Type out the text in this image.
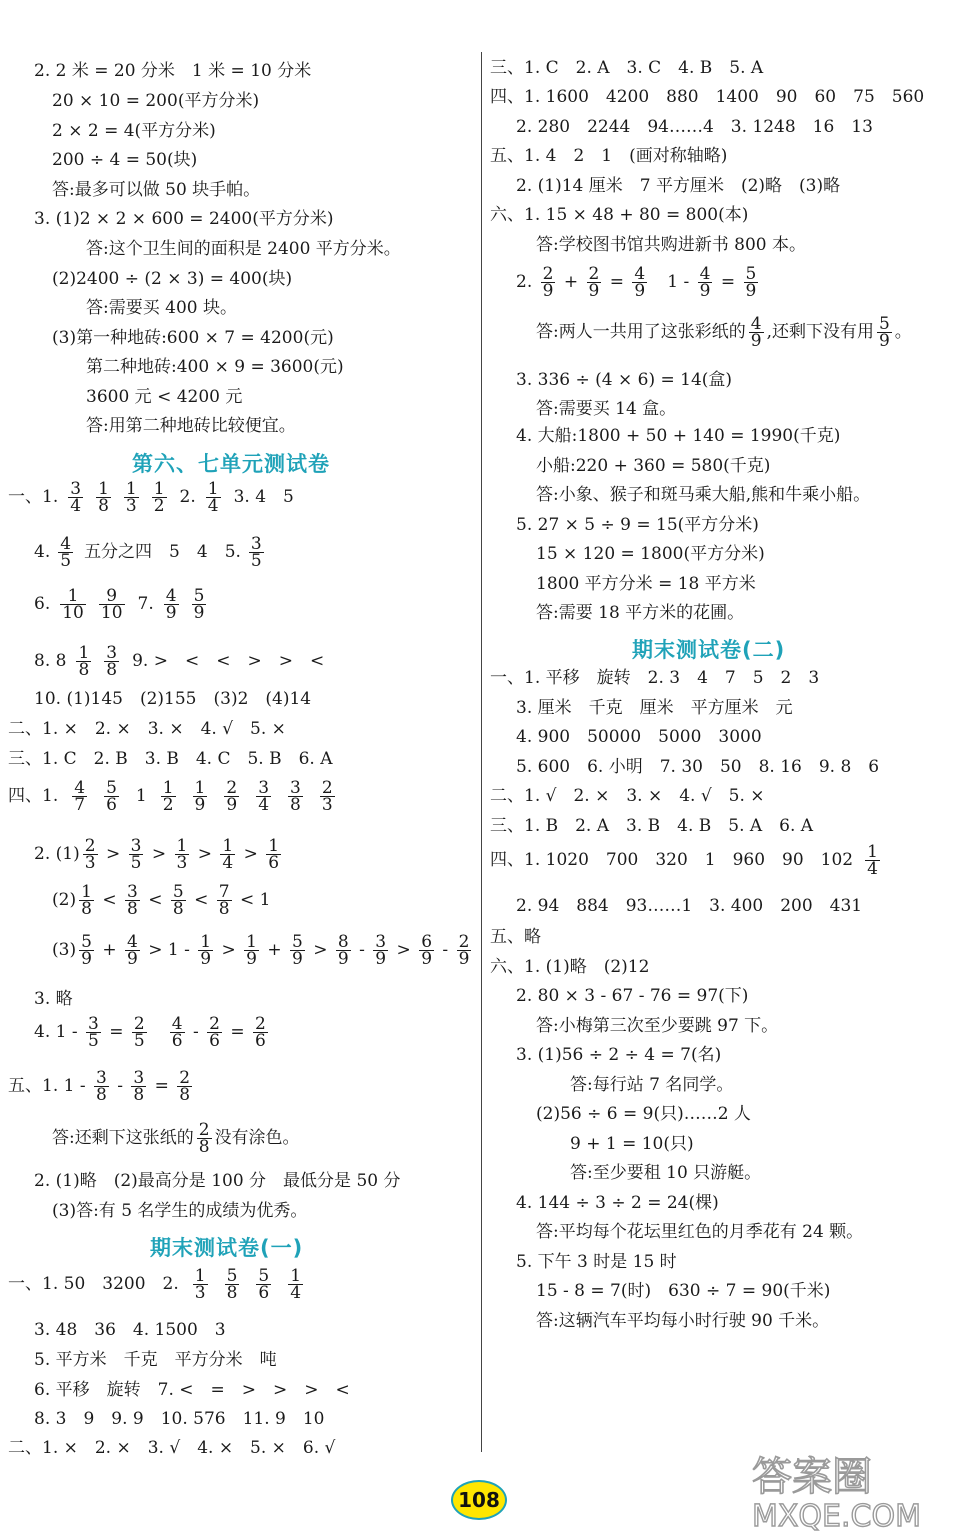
2. 2 米 = 20 分米　1 米 = 10 分米
20 × 10 = 200(平方分米)
2 × 2 = 4(平方分米)
200 ÷ 4 = 50(块)
答:最多可以做 50 块手帕。
3. (1)2 × 2 × 600 = 2400(平方分米)
答:这个卫生间的面积是 2400 平方分米。
(2)2400 ÷ (2 × 3) = 400(块)
答:需要买 400 块。
(3)第一种地砖:600 × 7 = 4200(元)
第二种地砖:400 × 9 = 3600(元)
3600 元 < 4200 元
答:用第二种地砖比较便宜。
第六、七单元测试卷
一、1. $\frac{3}{4} \frac{1}{8} \frac{1}{3} \frac{1}{2} 2$. $\frac{1}{4} 3$. 4　5
4. $\frac{4}{5}$ 五分之四　5　4　5. $\frac{3}{5}$
6. $\frac{1}{10} \frac{9}{10} 7$. $\frac{4}{9} \frac{5}{9}$
8. $8 \frac{1}{8} \frac{3}{8} 9$. >　<　<　>　>　<
10. (1)145　(2)155　(3)2　(4)14
二、1. ×　2. ×　3. ×　4. √　5. ×
三、1. C　2. B　3. B　4. C　5. B　6. A
四、1. $\frac{4}{7} \frac{5}{6} 1 \frac{1}{2} \frac{1}{9} \frac{2}{9} \frac{3}{4} \frac{3}{8} \frac{2}{3}$
2. $(1) \frac{2}{3} > \frac{3}{5} > \frac{1}{3} > \frac{1}{4} > \frac{1}{6}$
$(2) \frac{1}{8} < \frac{3}{8} < \frac{5}{8} < \frac{7}{8} < 1$
$(3) \frac{5}{9} + \frac{4}{9} > 1 - \frac{1}{9} > \frac{1}{9} + \frac{5}{9} > \frac{8}{9} - \frac{3}{9} > \frac{6}{9} - \frac{2}{9}$
3. 略
4. $1 - \frac{3}{5} = \frac{2}{5}$
　 $\frac{4}{6} - \frac{2}{6} = \frac{2}{6}$
五、1. $1 - \frac{3}{8} - \frac{3}{8} = \frac{2}{8}$
答:还剩下这张纸的 $\frac{2}{8}$ 没有涂色。
2. (1)略　(2)最高分是 100 分　最低分是 50 分
(3)答:有 5 名学生的成绩为优秀。
期末测试卷(一)
一、1. 50　3200　2. $\frac{1}{3} \frac{5}{8} \frac{5}{6} \frac{1}{4}$
3. 48　36　4. 1500　3
5. 平方米　千克　平方分米　吨
6. 平移　旋转　7. <　=　>　>　>　<
8. 3　9　9. 9　10. 576　11. 9　10
二、1. ×　2. ×　3. √　4. ×　5. ×　6. √
三、1. C　2. A　3. C　4. B　5. A
四、1. 1600　4200　880　1400　90　60　75　560
2. 280　2244　94……4　3. 1248　16　13
五、1. 4　2　1　(画对称轴略)
2. (1)14 厘米　7 平方厘米　(2)略　(3)略
六、1. 15 × 48 + 80 = 800(本)
答:学校图书馆共购进新书 800 本。
3. 336 ÷ (4 × 6) = 14(盒)
答:需要买 14 盒。
4. 大船:1800 + 50 + 140 = 1990(千克)
小船:220 + 360 = 580(千克)
答:小象、猴子和斑马乘大船,熊和牛乘小船。
5. 27 × 5 ÷ 9 = 15(平方分米)
15 × 120 = 1800(平方分米)
1800 平方分米 = 18 平方米
答:需要 18 平方米的花圃。
一、1. 平移　旋转　2. 3　4　7　5　2　3
3. 厘米　千克　厘米　平方厘米　元
4. 900　50000　5000　3000
5. 600　6. 小明　7. 30　50　8. 16　9. 8　6
二、1. √　2. ×　3. ×　4. √　5. ×
三、1. B　2. A　3. B　4. B　5. A　6. A
2. 94　884　93……1　3. 400　200　431
五、略
六、1. (1)略　(2)12
2. 80 × 3 - 67 - 76 = 97(下)
答:小梅第三次至少要跳 97 下。
3. (1)56 ÷ 2 ÷ 4 = 7(名)
答:每行站 7 名同学。
(2)56 ÷ 6 = 9(只)……2 人
9 + 1 = 10(只)
答:至少要租 10 只游艇。
4. 144 ÷ 3 ÷ 2 = 24(棵)
答:平均每个花坛里红色的月季花有 24 颗。
5. 下午 3 时是 15 时
15 - 8 = 7(时)　630 ÷ 7 = 90(千米)
答:这辆汽车平均每小时行驶 90 千米。
2. $\frac{2}{9} + \frac{2}{9} = \frac{4}{9}$ 　$1 - \frac{4}{9} = \frac{5}{9}$
答:两人一共用了这张彩纸的 $\frac{4}{9}$ ,还剩下没有用 $\frac{5}{9}$ 。
期末测试卷(二)
四、1. 1020　700　320　1　960　90　$102 \frac{1}{4}$
108	答案圈
MXQE.COM
